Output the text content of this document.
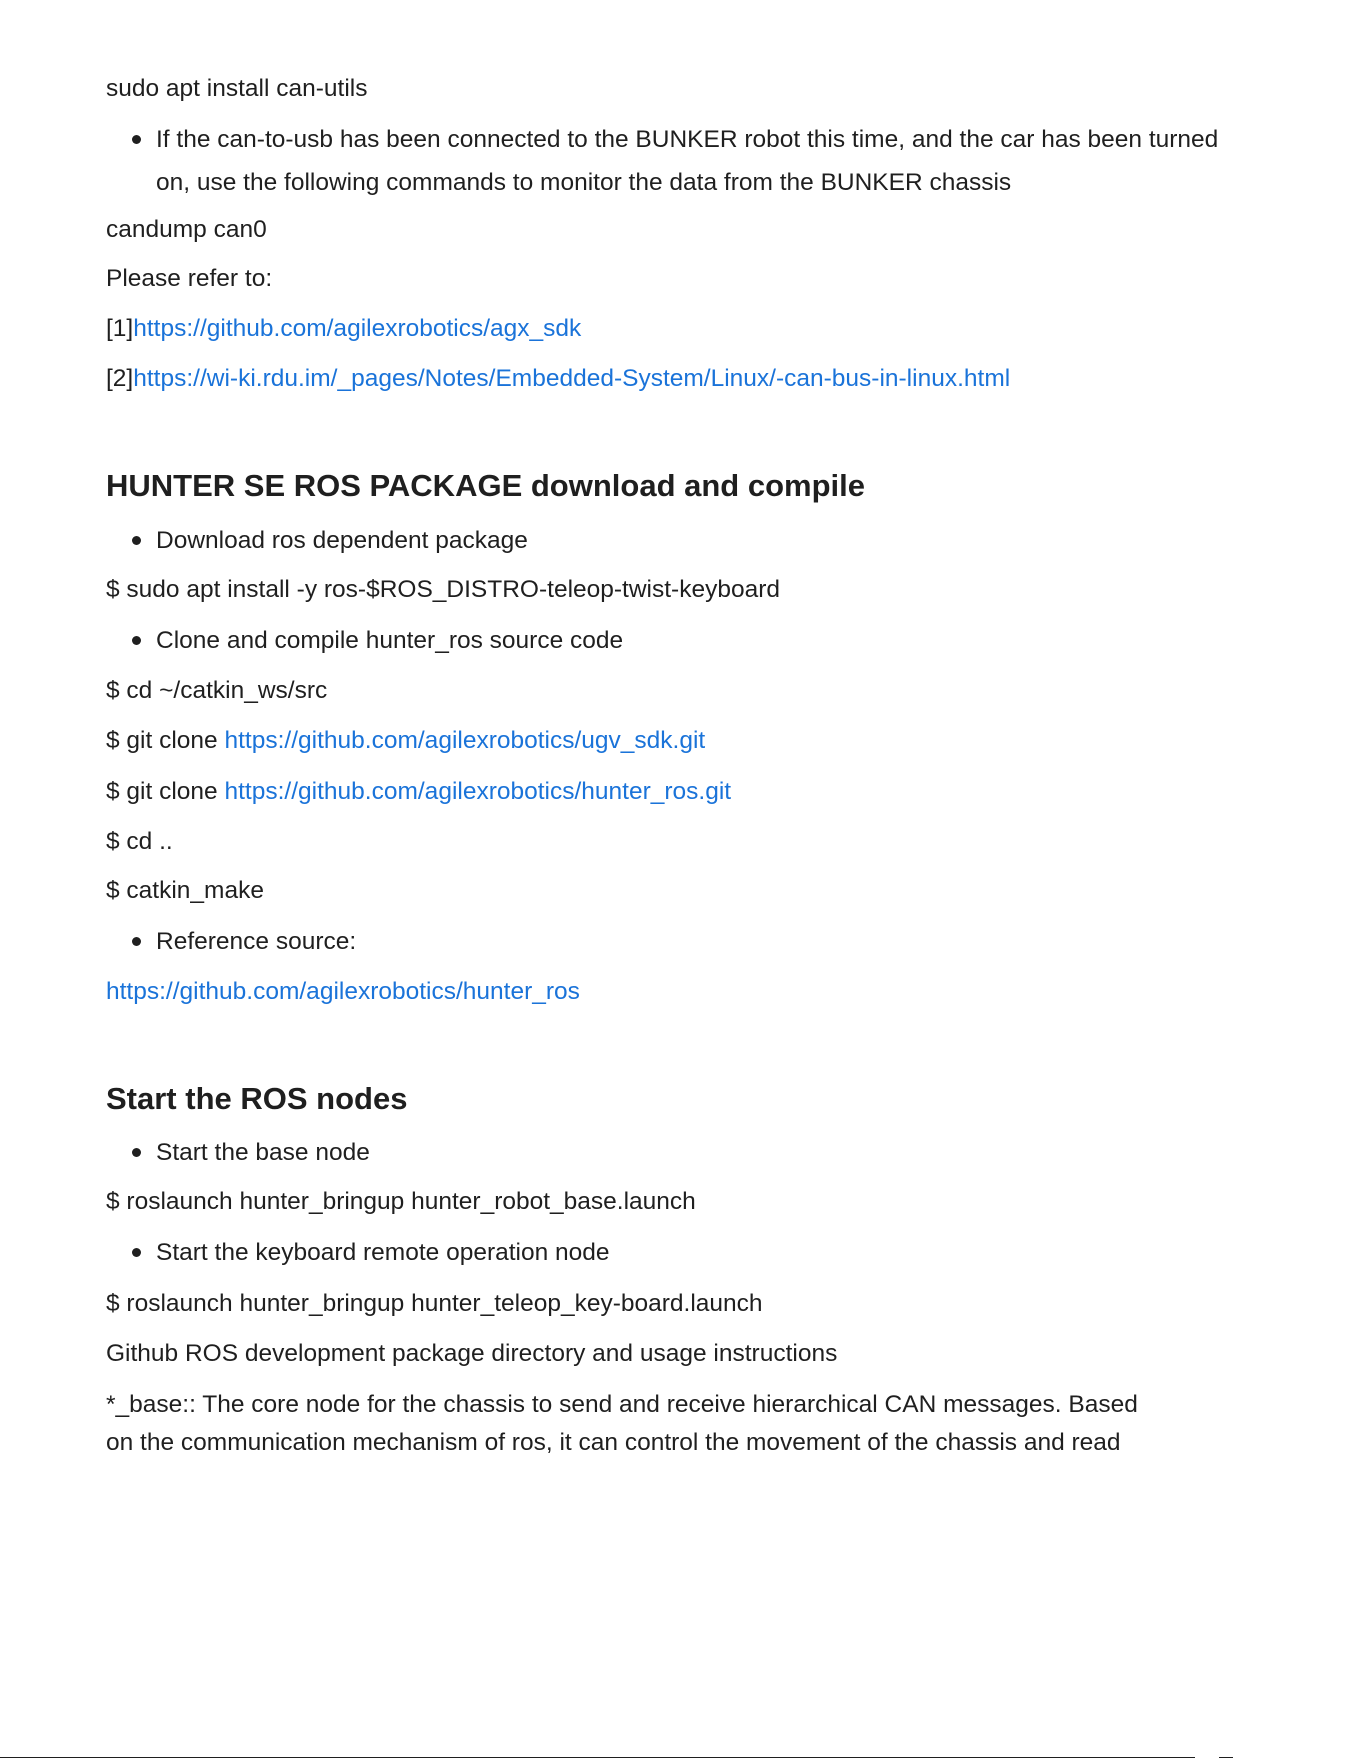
sudo apt install can-utils
If the can-to-usb has been connected to the BUNKER robot this time, and the car has been turned on, use the following commands to monitor the data from the BUNKER chassis
candump can0
Please refer to:
[1]https://github.com/agilexrobotics/agx_sdk
[2]https://wi-ki.rdu.im/_pages/Notes/Embedded-System/Linux/-can-bus-in-linux.html
HUNTER SE ROS PACKAGE download and compile
Download ros dependent package
$ sudo apt install -y ros-$ROS_DISTRO-teleop-twist-keyboard
Clone and compile hunter_ros source code
$ cd ~/catkin_ws/src
$ git clone https://github.com/agilexrobotics/ugv_sdk.git
$ git clone https://github.com/agilexrobotics/hunter_ros.git
$ cd ..
$ catkin_make
Reference source:
https://github.com/agilexrobotics/hunter_ros
Start the ROS nodes
Start the base node
$ roslaunch hunter_bringup hunter_robot_base.launch
Start the keyboard remote operation node
$ roslaunch hunter_bringup hunter_teleop_key-board.launch
Github ROS development package directory and usage instructions
*_base:: The core node for the chassis to send and receive hierarchical CAN messages. Based
on the communication mechanism of ros, it can control the movement of the chassis and read
